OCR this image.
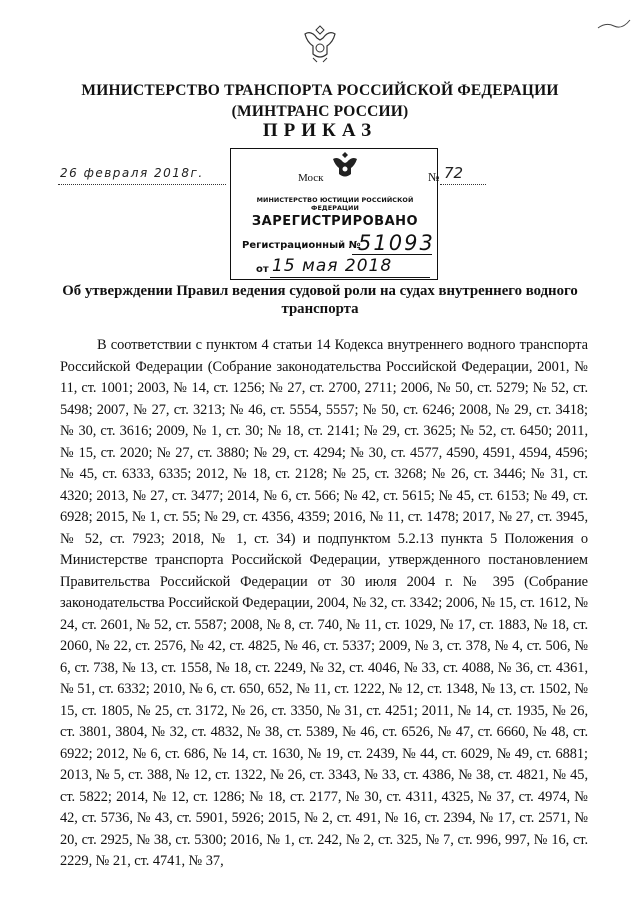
МИНИСТЕРСТВО ТРАНСПОРТА РОССИЙСКОЙ ФЕДЕРАЦИИ
(МИНТРАНС РОССИИ)
ПРИКАЗ
26 февраля 2018г.	Моск	№ 72
МИНИСТЕРСТВО ЮСТИЦИИ РОССИЙСКОЙ ФЕДЕРАЦИИ
ЗАРЕГИСТРИРОВАНО
Регистрационный №
51093
от 15 мая 2018
Об утверждении Правил ведения судовой роли на судах внутреннего водного
транспорта
В соответствии с пунктом 4 статьи 14 Кодекса внутреннего водного транспорта Российской Федерации (Собрание законодательства Российской Федерации, 2001, № 11, ст. 1001; 2003, № 14, ст. 1256; № 27, ст. 2700, 2711; 2006, № 50, ст. 5279; № 52, ст. 5498; 2007, № 27, ст. 3213; № 46, ст. 5554, 5557; № 50, ст. 6246; 2008, № 29, ст. 3418; № 30, ст. 3616; 2009, № 1, ст. 30; № 18, ст. 2141; № 29, ст. 3625; № 52, ст. 6450; 2011, № 15, ст. 2020; № 27, ст. 3880; № 29, ст. 4294; № 30, ст. 4577, 4590, 4591, 4594, 4596; № 45, ст. 6333, 6335; 2012, № 18, ст. 2128; № 25, ст. 3268; № 26, ст. 3446; № 31, ст. 4320; 2013, № 27, ст. 3477; 2014, № 6, ст. 566; № 42, ст. 5615; № 45, ст. 6153; № 49, ст. 6928; 2015, № 1, ст. 55; № 29, ст. 4356, 4359; 2016, № 11, ст. 1478; 2017, № 27, ст. 3945, № 52, ст. 7923; 2018, № 1, ст. 34) и подпунктом 5.2.13 пункта 5 Положения о Министерстве транспорта Российской Федерации, утвержденного постановлением Правительства Российской Федерации от 30 июля 2004 г. № 395 (Собрание законодательства Российской Федерации, 2004, № 32, ст. 3342; 2006, № 15, ст. 1612, № 24, ст. 2601, № 52, ст. 5587; 2008, № 8, ст. 740, № 11, ст. 1029, № 17, ст. 1883, № 18, ст. 2060, № 22, ст. 2576, № 42, ст. 4825, № 46, ст. 5337; 2009, № 3, ст. 378, № 4, ст. 506, № 6, ст. 738, № 13, ст. 1558, № 18, ст. 2249, № 32, ст. 4046, № 33, ст. 4088, № 36, ст. 4361, № 51, ст. 6332; 2010, № 6, ст. 650, 652, № 11, ст. 1222, № 12, ст. 1348, № 13, ст. 1502, № 15, ст. 1805, № 25, ст. 3172, № 26, ст. 3350, № 31, ст. 4251; 2011, № 14, ст. 1935, № 26, ст. 3801, 3804, № 32, ст. 4832, № 38, ст. 5389, № 46, ст. 6526, № 47, ст. 6660, № 48, ст. 6922; 2012, № 6, ст. 686, № 14, ст. 1630, № 19, ст. 2439, № 44, ст. 6029, № 49, ст. 6881; 2013, № 5, ст. 388, № 12, ст. 1322, № 26, ст. 3343, № 33, ст. 4386, № 38, ст. 4821, № 45, ст. 5822; 2014, № 12, ст. 1286; № 18, ст. 2177, № 30, ст. 4311, 4325, № 37, ст. 4974, № 42, ст. 5736, № 43, ст. 5901, 5926; 2015, № 2, ст. 491, № 16, ст. 2394, № 17, ст. 2571, № 20, ст. 2925, № 38, ст. 5300; 2016, № 1, ст. 242, № 2, ст. 325, № 7, ст. 996, 997, № 16, ст. 2229, № 21, ст. 4741, № 37,
